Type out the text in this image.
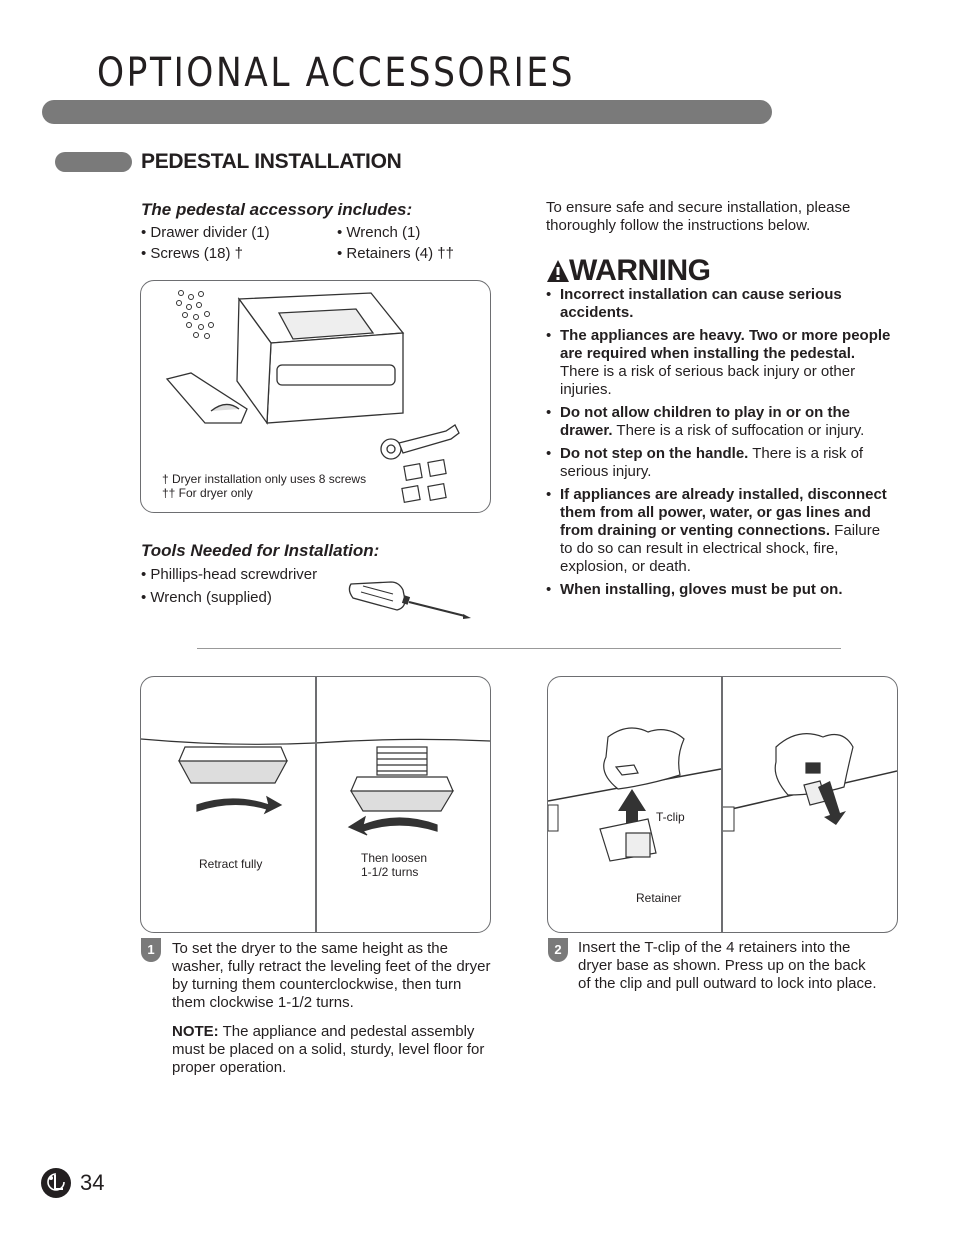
OPTIONAL ACCESSORIES
PEDESTAL INSTALLATION
The pedestal accessory includes:
• Drawer divider (1)
• Screws (18) †
• Wrench (1)
• Retainers (4) ††
† Dryer installation only uses 8 screws
†† For dryer only
Tools Needed for Installation:
• Phillips-head screwdriver
• Wrench (supplied)
To ensure safe and secure installation, please thoroughly follow the instructions below.
WARNING
• Incorrect installation can cause serious accidents.
• The appliances are heavy. Two or more people are required when installing the pedestal. There is a risk of serious back injury or other injuries.
• Do not allow children to play in or on the drawer. There is a risk of suffocation or injury.
• Do not step on the handle. There is a risk of serious injury.
• If appliances are already installed, disconnect them from all power, water, or gas lines and from draining or venting connections. Failure to do so can result in electrical shock, fire, explosion, or death.
• When installing, gloves must be put on.
Retract fully	Then loosen
1-1/2 turns
1	To set the dryer to the same height as the washer, fully retract the leveling feet of the dryer by turning them counterclockwise, then turn them clockwise 1-1/2 turns.
NOTE: The appliance and pedestal assembly must be placed on a solid, sturdy, level floor for proper operation.
T-clip
Retainer
2	Insert the T-clip of the 4 retainers into the dryer base as shown. Press up on the back of the clip and pull outward to lock into place.
34
